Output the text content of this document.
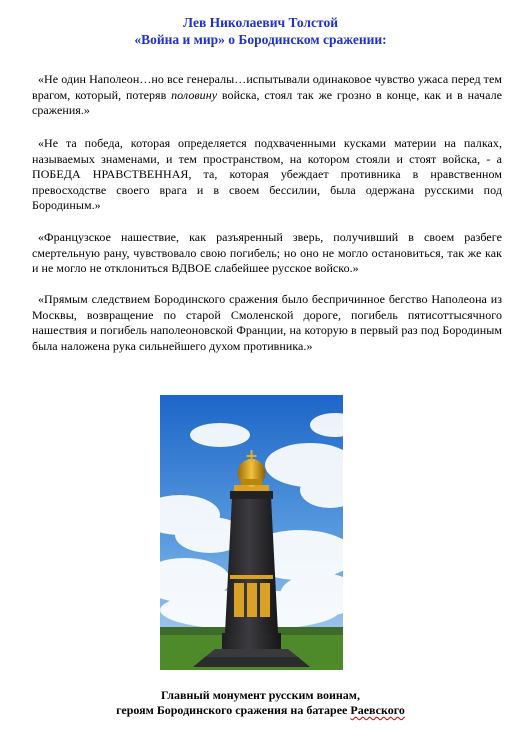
Лев Николаевич Толстой
«Война и мир» о Бородинском сражении:

«Не один Наполеон…но все генералы…испытывали одинаковое чувство ужаса перед тем врагом, который, потеряв половину войска, стоял так же грозно в конце, как и в начале сражения.»

«Не та победа, которая определяется подхваченными кусками материи на палках, называемых знаменами, и тем пространством, на котором стояли и стоят войска, - а ПОБЕДА НРАВСТВЕННАЯ, та, которая убеждает противника в нравственном превосходстве своего врага и в своем бессилии, была одержана русскими под Бородиным.»

«Французское нашествие, как разъяренный зверь, получивший в своем разбеге смертельную рану, чувствовало свою погибель; но оно не могло остановиться, так же как и не могло не отклониться ВДВОЕ слабейшее русское войско.»

«Прямым следствием Бородинского сражения было беспричинное бегство Наполеона из Москвы, возвращение по старой Смоленской дороге, погибель пятисоттысячного нашествия и погибель наполеоновской Франции, на которую в первый раз под Бородиным была наложена рука сильнейшего духом противника.»

Главный монумент русским воинам,
героям Бородинского сражения на батарее Раевского
